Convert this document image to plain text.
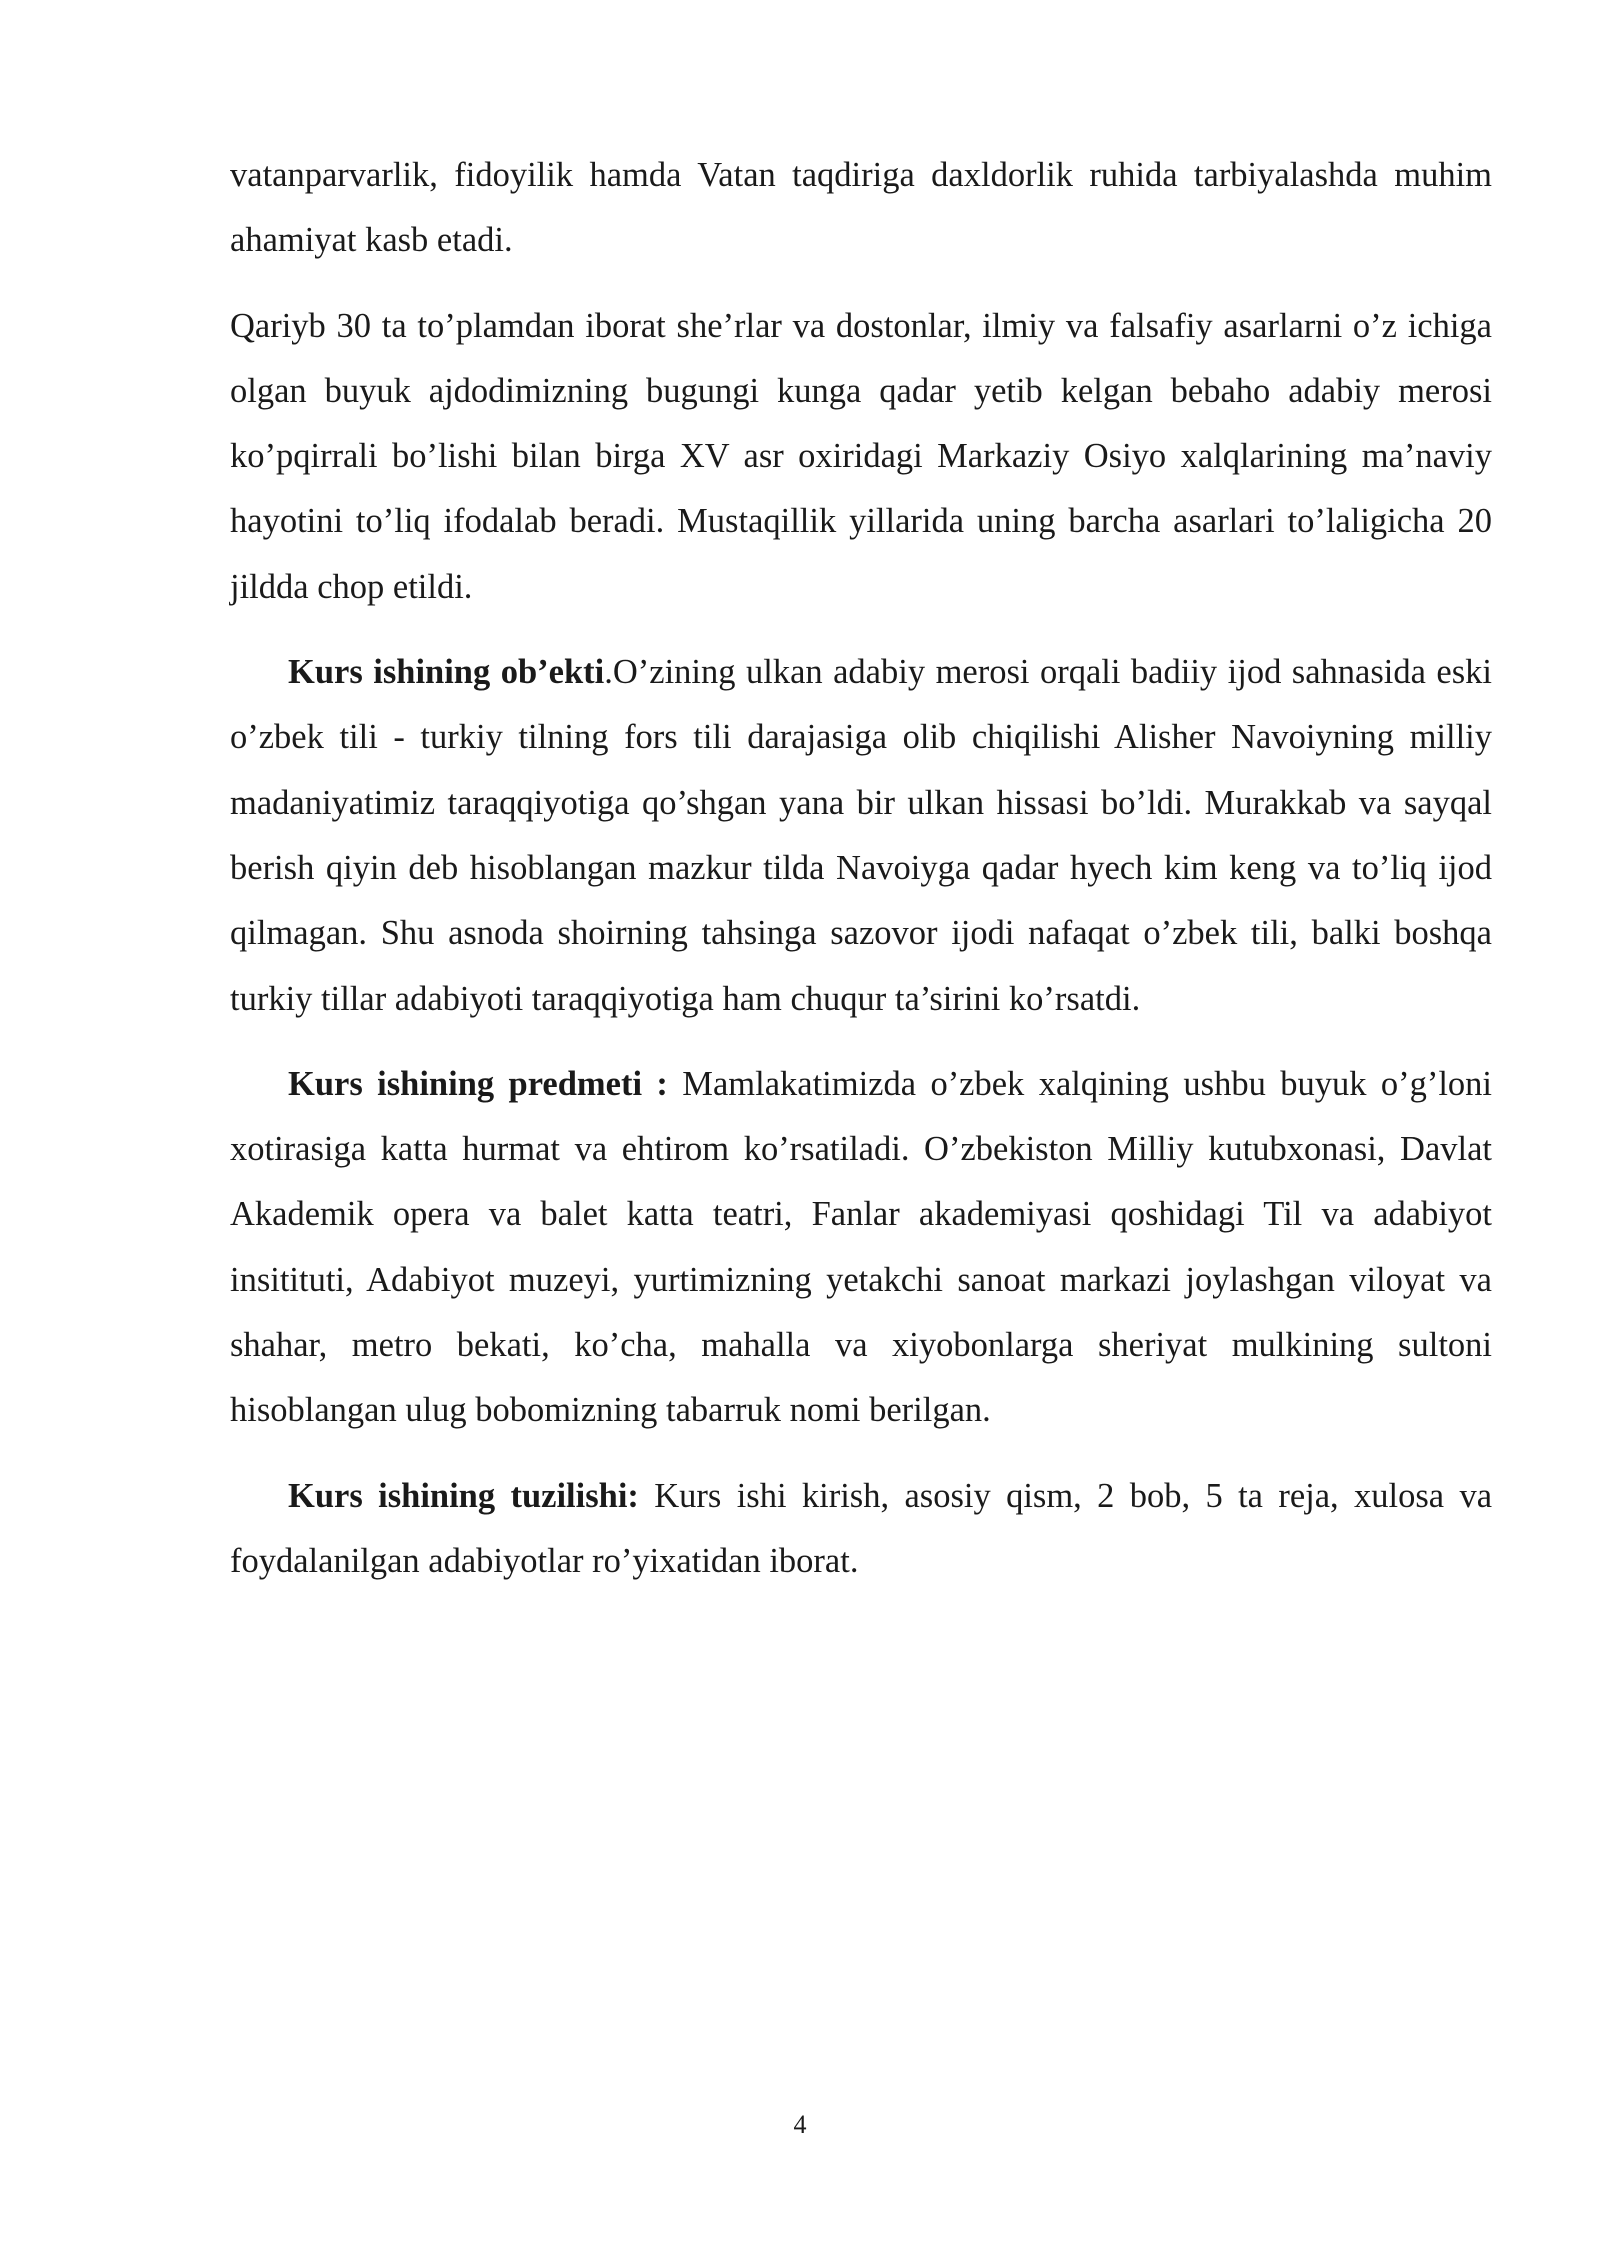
vatanparvarlik, fidoyilik hamda Vatan taqdiriga daxldorlik ruhida tarbiyalashda muhim ahamiyat kasb etadi.

Qariyb 30 ta to’plamdan iborat she’rlar va dostonlar, ilmiy va falsafiy asarlarni o’z ichiga olgan buyuk ajdodimizning bugungi kunga qadar yetib kelgan bebaho adabiy merosi ko’pqirrali bo’lishi bilan birga XV asr oxiridagi Markaziy Osiyo xalqlarining ma’naviy hayotini to’liq ifodalab beradi. Mustaqillik yillarida uning barcha asarlari to’laligicha 20 jildda chop etildi.

Kurs ishining ob’ekti.O’zining ulkan adabiy merosi orqali badiiy ijod sahnasida eski o’zbek tili - turkiy tilning fors tili darajasiga olib chiqilishi Alisher Navoiyning milliy madaniyatimiz taraqqiyotiga qo’shgan yana bir ulkan hissasi bo’ldi. Murakkab va sayqal berish qiyin deb hisoblangan mazkur tilda Navoiyga qadar hyech kim keng va to’liq ijod qilmagan. Shu asnoda shoirning tahsinga sazovor ijodi nafaqat o’zbek tili, balki boshqa turkiy tillar adabiyoti taraqqiyotiga ham chuqur ta’sirini ko’rsatdi.

Kurs ishining predmeti : Mamlakatimizda o’zbek xalqining ushbu buyuk o’g’loni xotirasiga katta hurmat va ehtirom ko’rsatiladi. O’zbekiston Milliy kutubxonasi, Davlat Akademik opera va balet katta teatri, Fanlar akademiyasi qoshidagi Til va adabiyot insitituti, Adabiyot muzeyi, yurtimizning yetakchi sanoat markazi joylashgan viloyat va shahar, metro bekati, ko’cha, mahalla va xiyobonlarga sheriyat mulkining sultoni hisoblangan ulug bobomizning tabarruk nomi berilgan.

Kurs ishining tuzilishi: Kurs ishi kirish, asosiy qism, 2 bob, 5 ta reja, xulosa va foydalanilgan adabiyotlar ro’yixatidan iborat.

4
